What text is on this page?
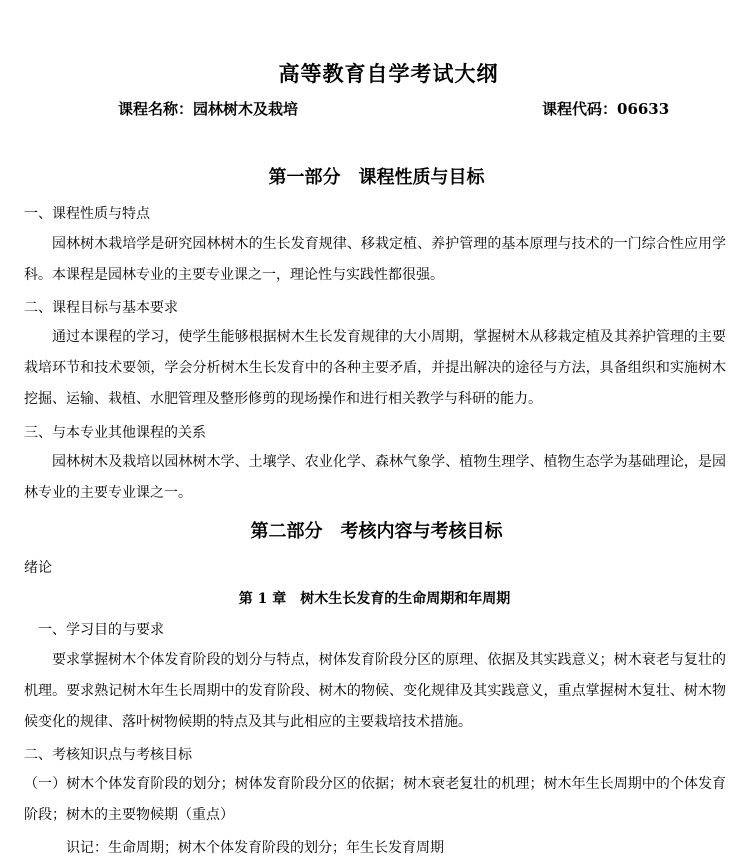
高等教育自学考试大纲
课程名称：园林树木及栽培	课程代码：06633
第一部分　课程性质与目标
一、课程性质与特点
园林树木栽培学是研究园林树木的生长发育规律、移栽定植、养护管理的基本原理与技术的一门综合性应用学科。本课程是园林专业的主要专业课之一，理论性与实践性都很强。
二、课程目标与基本要求
通过本课程的学习，使学生能够根据树木生长发育规律的大小周期，掌握树木从移栽定植及其养护管理的主要栽培环节和技术要领，学会分析树木生长发育中的各种主要矛盾，并提出解决的途径与方法，具备组织和实施树木挖掘、运输、栽植、水肥管理及整形修剪的现场操作和进行相关教学与科研的能力。
三、与本专业其他课程的关系
园林树木及栽培以园林树木学、土壤学、农业化学、森林气象学、植物生理学、植物生态学为基础理论，是园林专业的主要专业课之一。
第二部分　考核内容与考核目标
绪论
第 1 章　树木生长发育的生命周期和年周期
一、学习目的与要求
要求掌握树木个体发育阶段的划分与特点，树体发育阶段分区的原理、依据及其实践意义；树木衰老与复壮的机理。要求熟记树木年生长周期中的发育阶段、树木的物候、变化规律及其实践意义，重点掌握树木复壮、树木物候变化的规律、落叶树物候期的特点及其与此相应的主要栽培技术措施。
二、考核知识点与考核目标
（一）树木个体发育阶段的划分；树体发育阶段分区的依据；树木衰老复壮的机理；树木年生长周期中的个体发育阶段；树木的主要物候期（重点）
识记：生命周期；树木个体发育阶段的划分；年生长发育周期
